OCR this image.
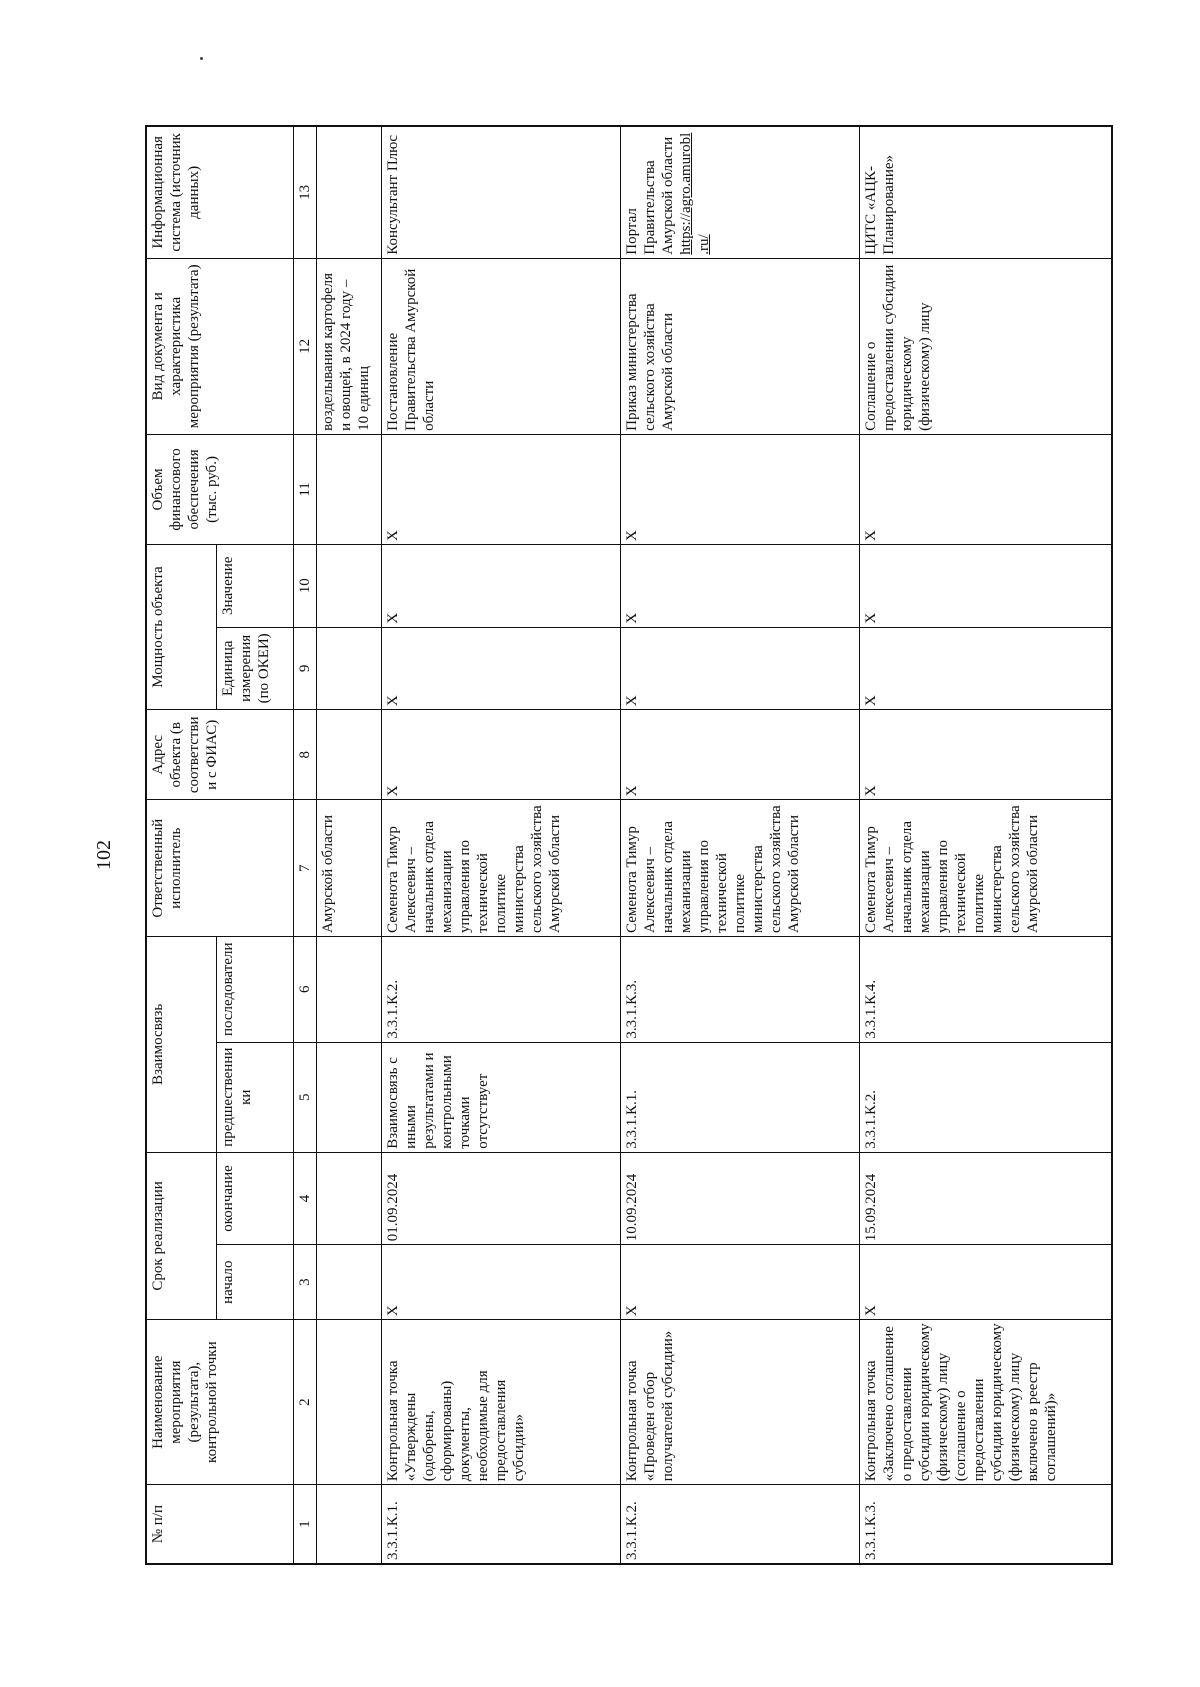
102
№ п/п	Наименование мероприятия (результата), контрольной точки	Срок реализации		Взаимосвязь		Ответственный исполнитель	Адрес объекта (в соответствии с ФИАС)	Мощность объекта		Объем финансового обеспечения (тыс. руб.)	Вид документа и характеристика мероприятия (результата)	Информационная система (источник данных)
		начало	окончание	предшественники	последователи			Единица измерения (по ОКЕИ)	Значение			
1	2	3	4	5	6	7	8	9	10	11	12	13
						Амурской области					возделывания картофеля и овощей, в 2024 году – 10 единиц	
3.3.1.К.1.	Контрольная точка «Утверждены (одобрены, сформированы) документы, необходимые для предоставления субсидии»	Х	01.09.2024	Взаимосвязь с иными результатами и контрольными точками отсутствует	3.3.1.К.2.	Семенота Тимур Алексеевич – начальник отдела механизации управления по технической политике министерства сельского хозяйства Амурской области	Х	Х	Х	Х	Постановление Правительства Амурской области	Консультант Плюс
3.3.1.К.2.	Контрольная точка «Проведен отбор получателей субсидии»	Х	10.09.2024	3.3.1.К.1.	3.3.1.К.3.	Семенота Тимур Алексеевич – начальник отдела механизации управления по технической политике министерства сельского хозяйства Амурской области	Х	Х	Х	Х	Приказ министерства сельского хозяйства Амурской области	Портал Правительства Амурской области https://agro.amurobl.ru/
3.3.1.К.3.	Контрольная точка «Заключено соглашение о предоставлении субсидии юридическому (физическому) лицу (соглашение о предоставлении субсидии юридическому (физическому) лицу включено в реестр соглашений)»	Х	15.09.2024	3.3.1.К.2.	3.3.1.К.4.	Семенота Тимур Алексеевич – начальник отдела механизации управления по технической политике министерства сельского хозяйства Амурской области	Х	Х	Х	Х	Соглашение о предоставлении субсидии юридическому (физическому) лицу	ЦИТС «АЦК-Планирование»
